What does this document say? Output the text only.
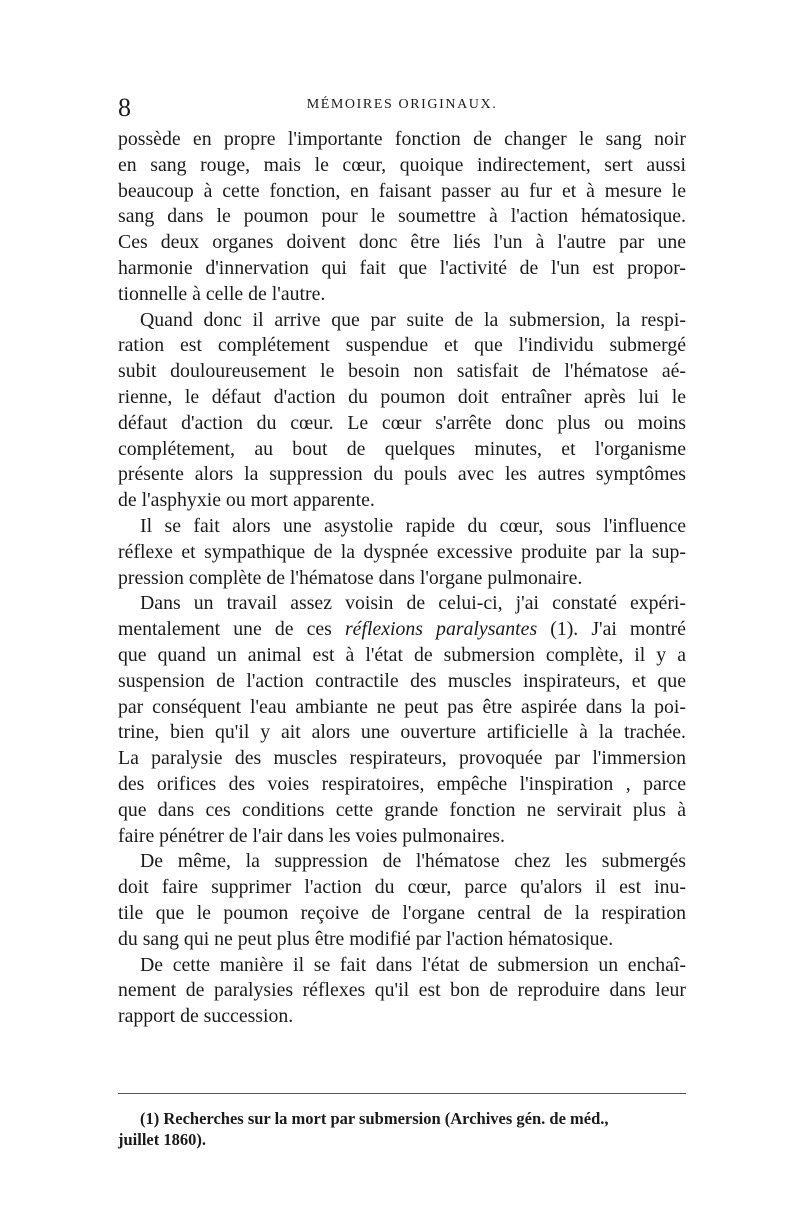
8	MÉMOIRES ORIGINAUX.
possède en propre l'importante fonction de changer le sang noir
en sang rouge, mais le cœur, quoique indirectement, sert aussi
beaucoup à cette fonction, en faisant passer au fur et à mesure le
sang dans le poumon pour le soumettre à l'action hématosique.
Ces deux organes doivent donc être liés l'un à l'autre par une
harmonie d'innervation qui fait que l'activité de l'un est propor-
tionnelle à celle de l'autre.
Quand donc il arrive que par suite de la submersion, la respi-
ration est complétement suspendue et que l'individu submergé
subit douloureusement le besoin non satisfait de l'hématose aé-
rienne, le défaut d'action du poumon doit entraîner après lui le
défaut d'action du cœur. Le cœur s'arrête donc plus ou moins
complétement, au bout de quelques minutes, et l'organisme
présente alors la suppression du pouls avec les autres symptômes
de l'asphyxie ou mort apparente.
Il se fait alors une asystolie rapide du cœur, sous l'influence
réflexe et sympathique de la dyspnée excessive produite par la sup-
pression complète de l'hématose dans l'organe pulmonaire.
Dans un travail assez voisin de celui-ci, j'ai constaté expéri-
mentalement une de ces réflexions paralysantes (1). J'ai montré
que quand un animal est à l'état de submersion complète, il y a
suspension de l'action contractile des muscles inspirateurs, et que
par conséquent l'eau ambiante ne peut pas être aspirée dans la poi-
trine, bien qu'il y ait alors une ouverture artificielle à la trachée.
La paralysie des muscles respirateurs, provoquée par l'immersion
des orifices des voies respiratoires, empêche l'inspiration , parce
que dans ces conditions cette grande fonction ne servirait plus à
faire pénétrer de l'air dans les voies pulmonaires.
De même, la suppression de l'hématose chez les submergés
doit faire supprimer l'action du cœur, parce qu'alors il est inu-
tile que le poumon reçoive de l'organe central de la respiration
du sang qui ne peut plus être modifié par l'action hématosique.
De cette manière il se fait dans l'état de submersion un enchaî-
nement de paralysies réflexes qu'il est bon de reproduire dans leur
rapport de succession.
(1) Recherches sur la mort par submersion (Archives gén. de méd.,
juillet 1860).
